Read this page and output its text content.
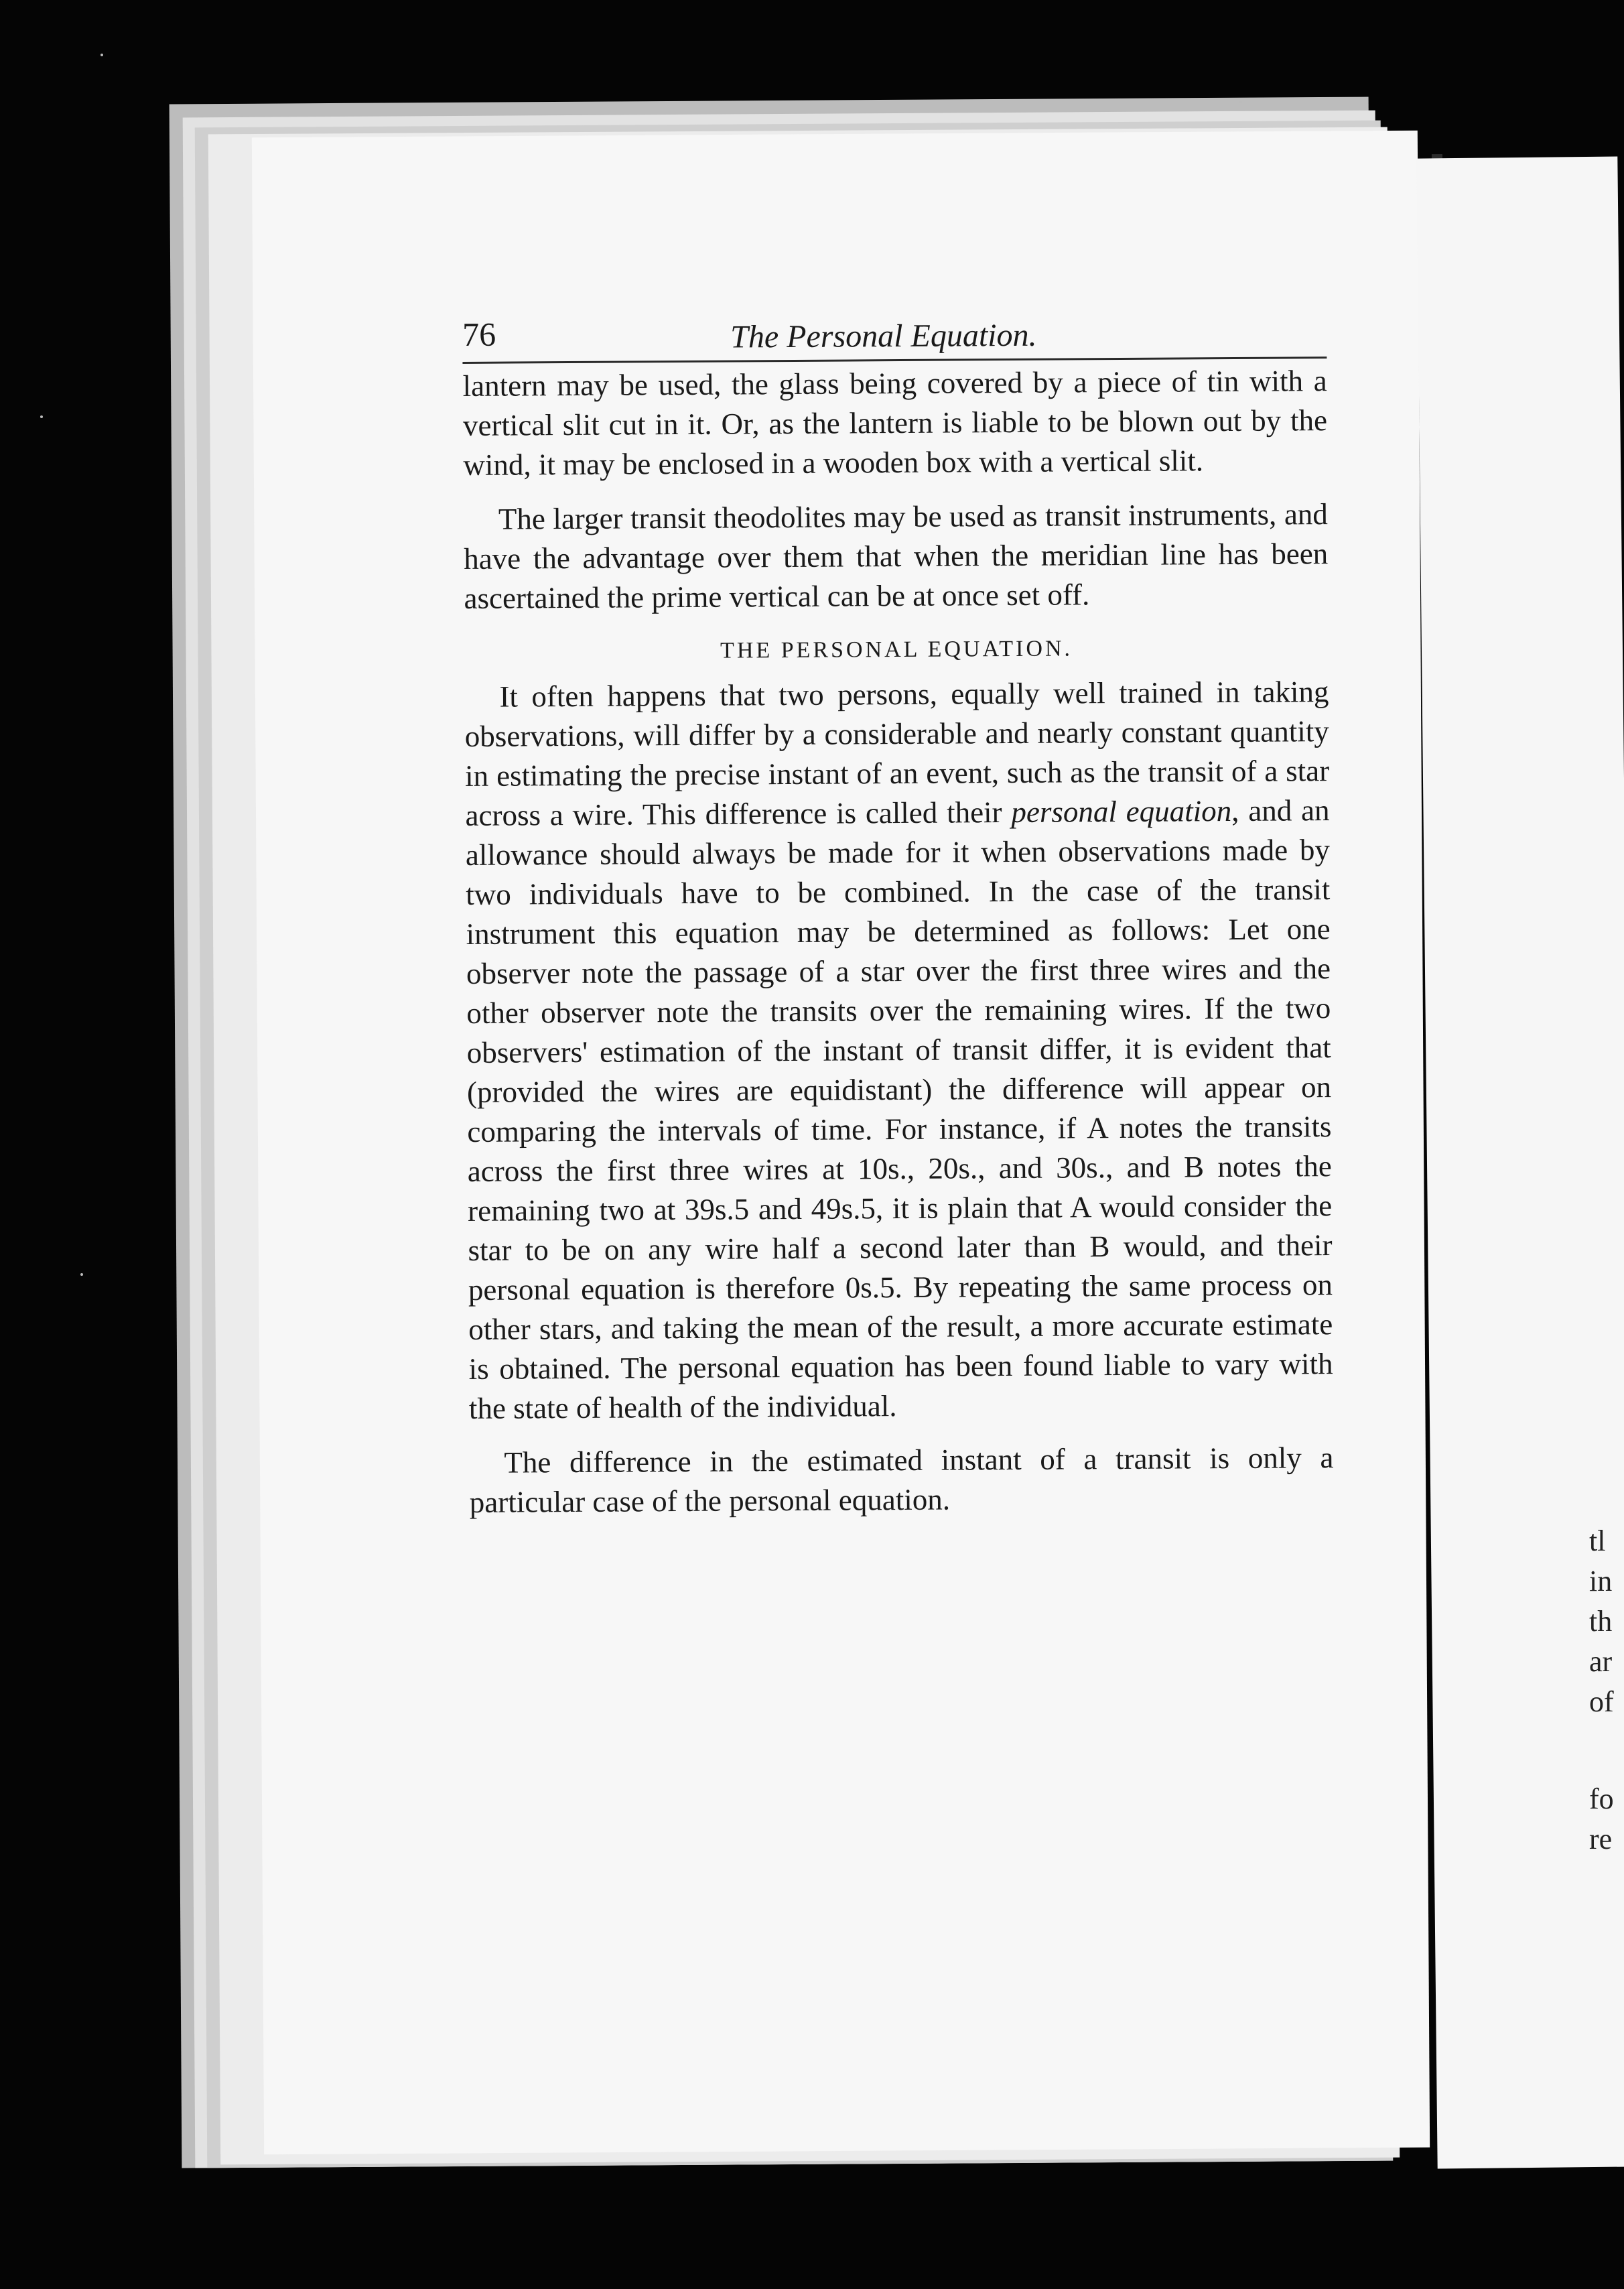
tl
in
th
ar
of
fo
re
76	The Personal Equation.

lantern may be used, the glass being covered by a piece of tin with a vertical slit cut in it. Or, as the lantern is liable to be blown out by the wind, it may be enclosed in a wooden box with a vertical slit.

The larger transit theodolites may be used as transit instruments, and have the advantage over them that when the meridian line has been ascertained the prime vertical can be at once set off.

THE PERSONAL EQUATION.

It often happens that two persons, equally well trained in taking observations, will differ by a considerable and nearly constant quantity in estimating the precise instant of an event, such as the transit of a star across a wire. This difference is called their personal equation, and an allowance should always be made for it when observations made by two individuals have to be combined. In the case of the transit instrument this equation may be determined as follows: Let one observer note the passage of a star over the first three wires and the other observer note the transits over the remaining wires. If the two observers' estimation of the instant of transit differ, it is evident that (provided the wires are equidistant) the difference will appear on comparing the intervals of time. For instance, if A notes the transits across the first three wires at 10s., 20s., and 30s., and B notes the remaining two at 39s.5 and 49s.5, it is plain that A would consider the star to be on any wire half a second later than B would, and their personal equation is therefore 0s.5. By repeating the same process on other stars, and taking the mean of the result, a more accurate estimate is obtained. The personal equation has been found liable to vary with the state of health of the individual.

The difference in the estimated instant of a transit is only a particular case of the personal equation.
